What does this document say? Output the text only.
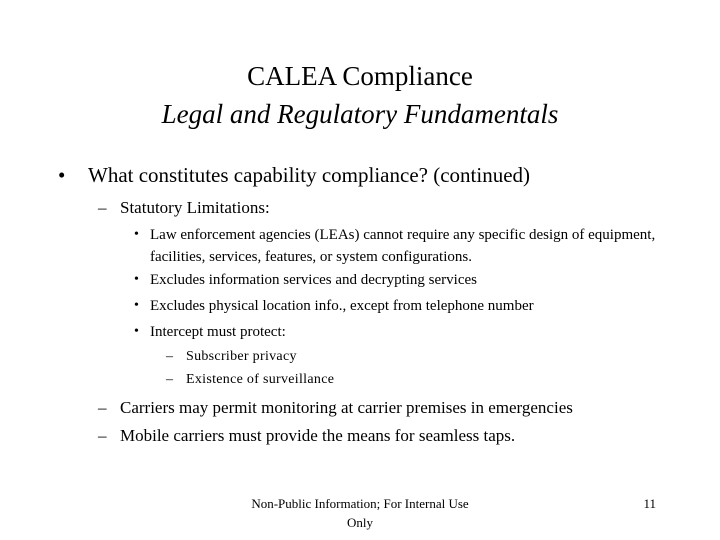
CALEA Compliance
Legal and Regulatory Fundamentals
• What constitutes capability compliance? (continued)
– Statutory Limitations:
• Law enforcement agencies (LEAs) cannot require any specific design of equipment, facilities, services, features, or system configurations.
• Excludes information services and decrypting services
• Excludes physical location info., except from telephone number
• Intercept must protect:
– Subscriber privacy
– Existence of surveillance
– Carriers may permit monitoring at carrier premises in emergencies
– Mobile carriers must provide the means for seamless taps.
Non-Public Information; For Internal Use Only
11
